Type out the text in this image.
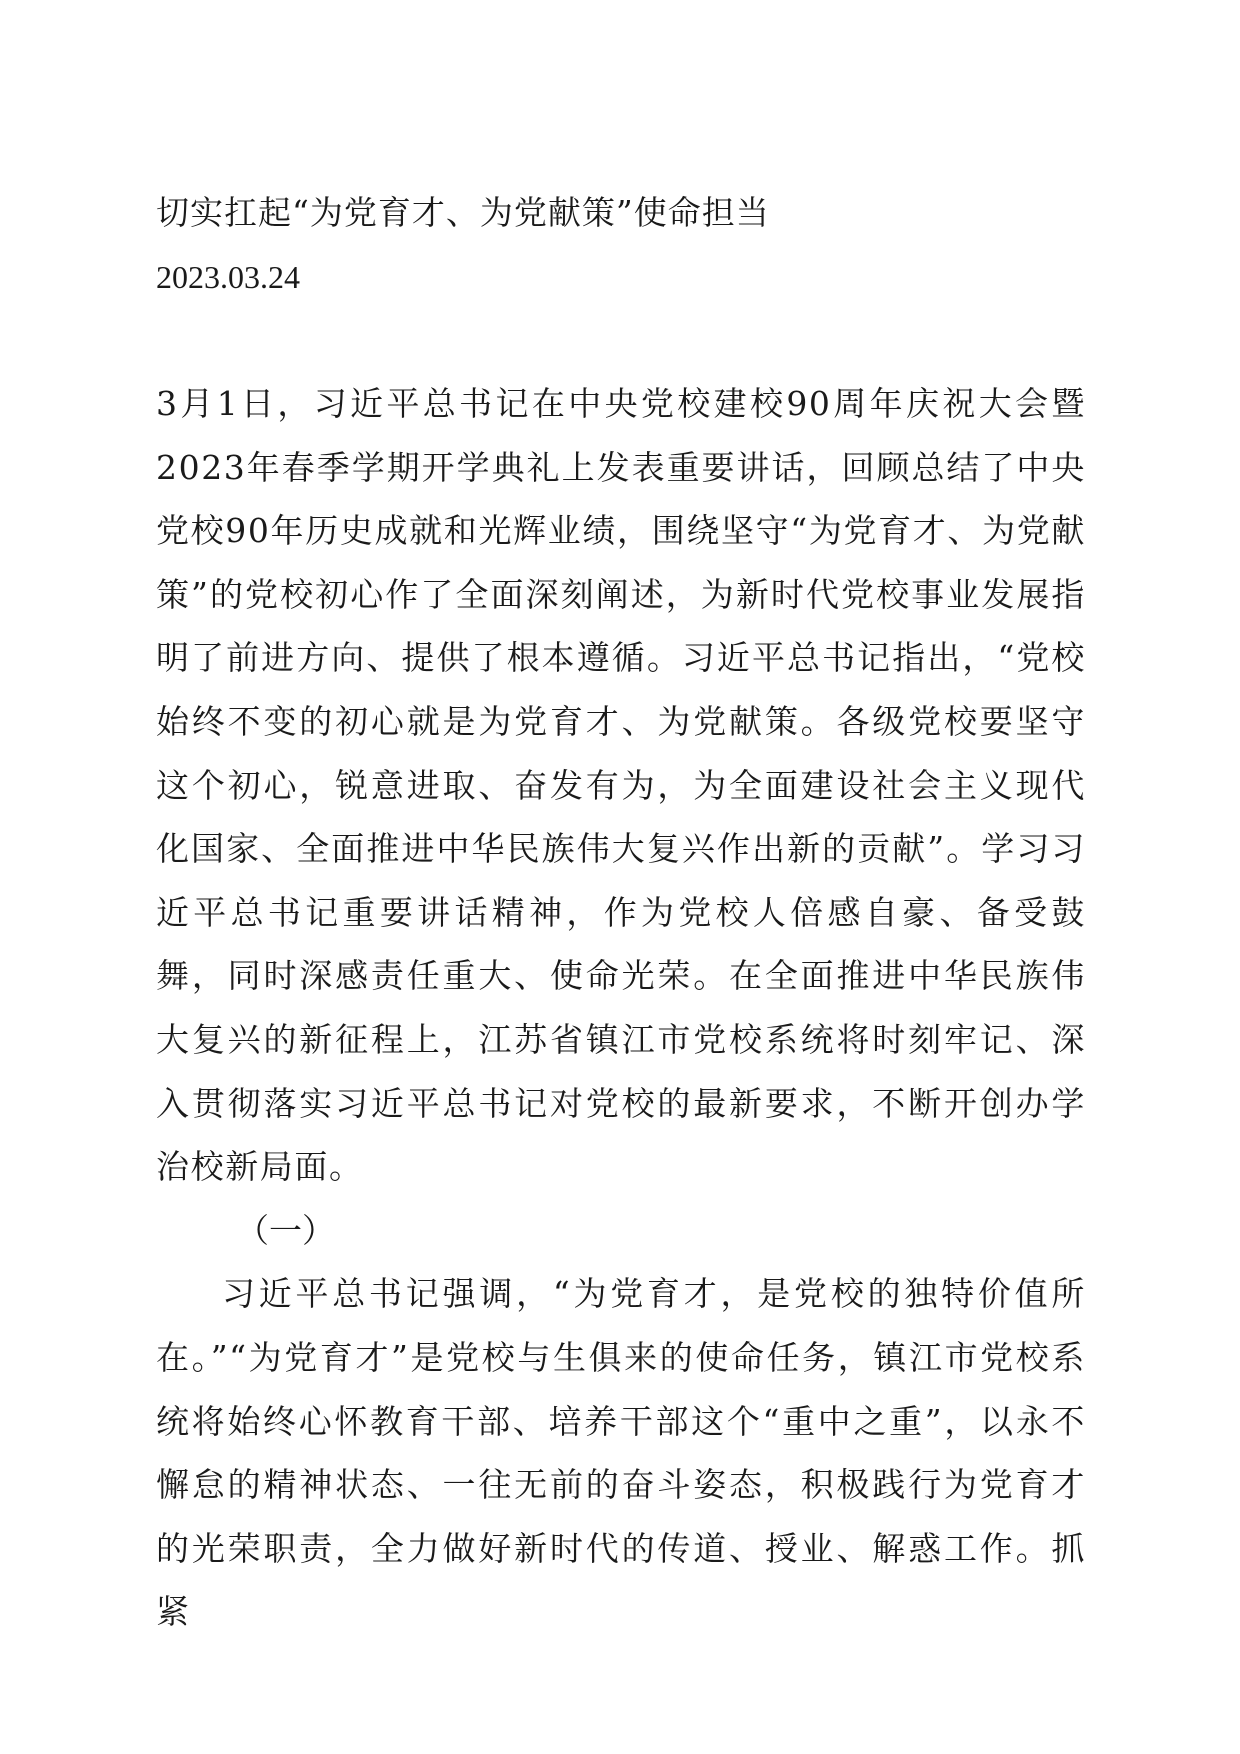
切实扛起“为党育才、为党献策”使命担当

2023.03.24

3月1日，习近平总书记在中央党校建校90周年庆祝大会暨2023年春季学期开学典礼上发表重要讲话，回顾总结了中央党校90年历史成就和光辉业绩，围绕坚守“为党育才、为党献策”的党校初心作了全面深刻阐述，为新时代党校事业发展指明了前进方向、提供了根本遵循。习近平总书记指出，“党校始终不变的初心就是为党育才、为党献策。各级党校要坚守这个初心，锐意进取、奋发有为，为全面建设社会主义现代化国家、全面推进中华民族伟大复兴作出新的贡献”。学习习近平总书记重要讲话精神，作为党校人倍感自豪、备受鼓舞，同时深感责任重大、使命光荣。在全面推进中华民族伟大复兴的新征程上，江苏省镇江市党校系统将时刻牢记、深入贯彻落实习近平总书记对党校的最新要求，不断开创办学治校新局面。

（一）

习近平总书记强调，“为党育才，是党校的独特价值所在。”“为党育才”是党校与生俱来的使命任务，镇江市党校系统将始终心怀教育干部、培养干部这个“重中之重”，以永不懈怠的精神状态、一往无前的奋斗姿态，积极践行为党育才的光荣职责，全力做好新时代的传道、授业、解惑工作。抓紧
